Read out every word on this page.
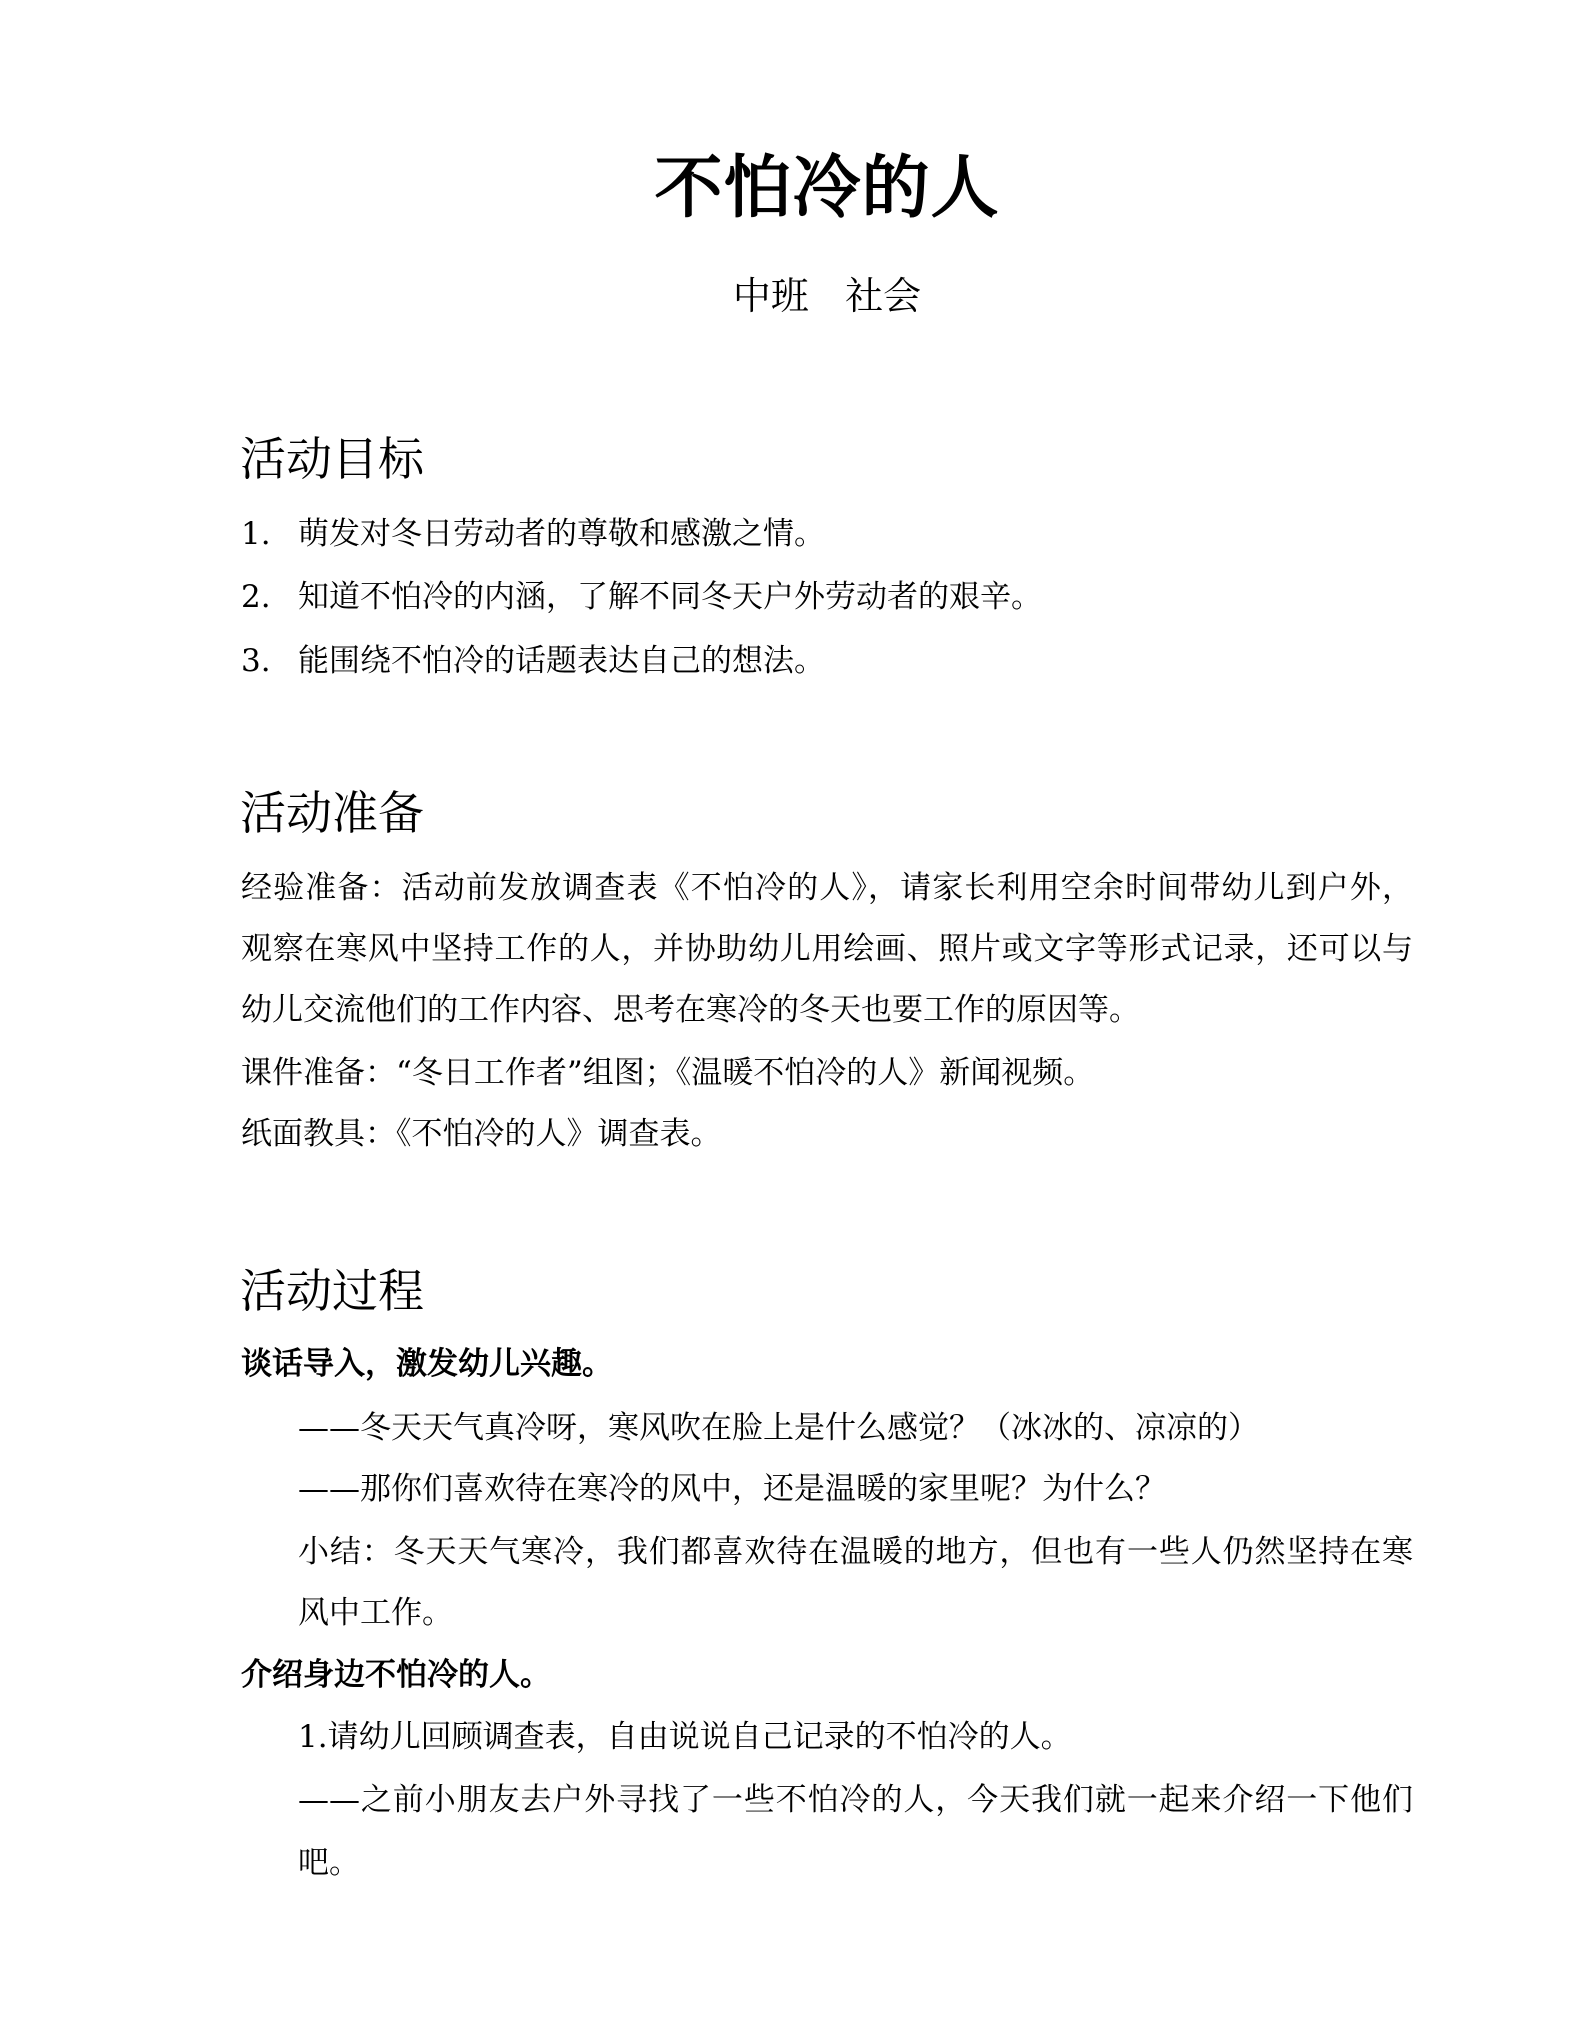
不怕冷的人
中班  社会
活动目标
1. 萌发对冬日劳动者的尊敬和感激之情。
2. 知道不怕冷的内涵，了解不同冬天户外劳动者的艰辛。
3. 能围绕不怕冷的话题表达自己的想法。
活动准备
经验准备：活动前发放调查表《不怕冷的人》，请家长利用空余时间带幼儿到户外，
观察在寒风中坚持工作的人，并协助幼儿用绘画、照片或文字等形式记录，还可以与
幼儿交流他们的工作内容、思考在寒冷的冬天也要工作的原因等。
课件准备：“冬日工作者”组图；《温暖不怕冷的人》新闻视频。
纸面教具：《不怕冷的人》调查表。
活动过程
谈话导入，激发幼儿兴趣。
——冬天天气真冷呀，寒风吹在脸上是什么感觉？（冰冰的、凉凉的）
——那你们喜欢待在寒冷的风中，还是温暖的家里呢？为什么？
小结：冬天天气寒冷，我们都喜欢待在温暖的地方，但也有一些人仍然坚持在寒
风中工作。
介绍身边不怕冷的人。
1.请幼儿回顾调查表，自由说说自己记录的不怕冷的人。
——之前小朋友去户外寻找了一些不怕冷的人，今天我们就一起来介绍一下他们
吧。
